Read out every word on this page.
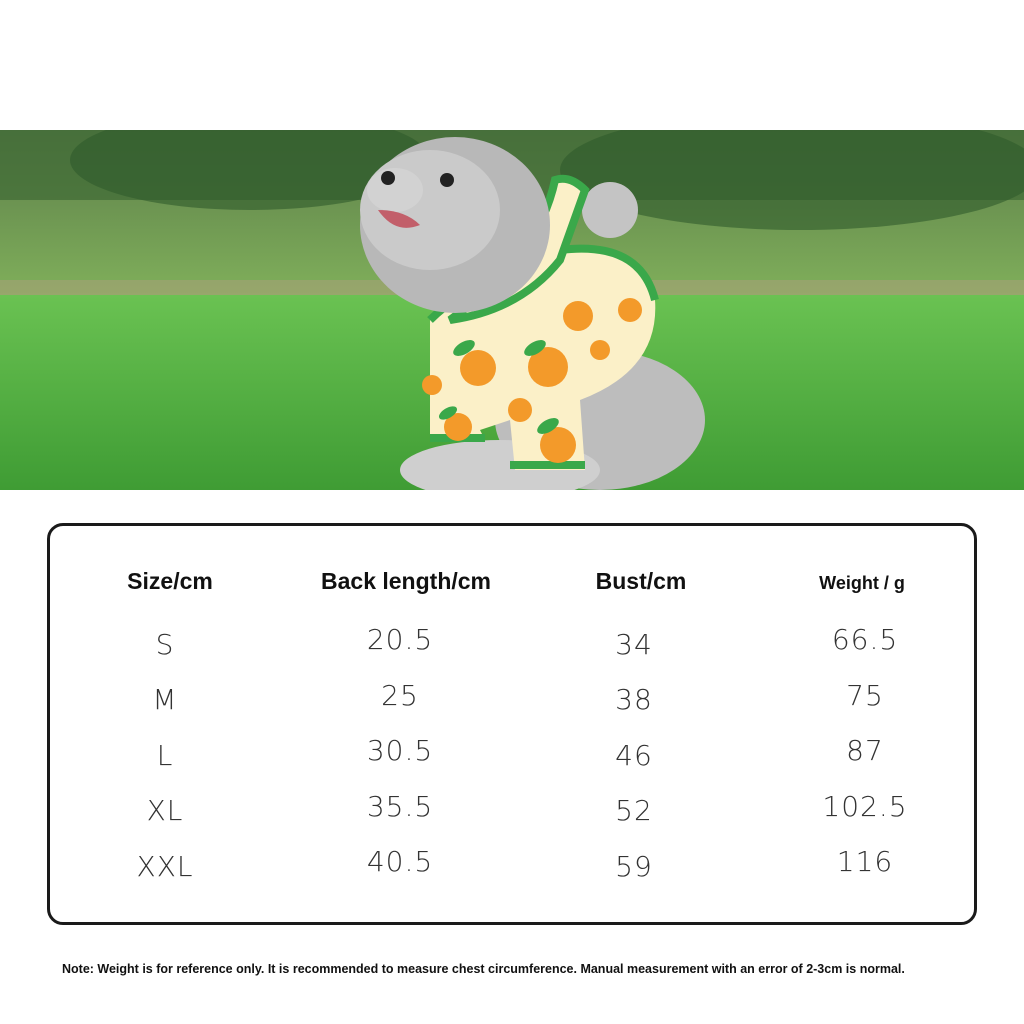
Size/cm	Back length/cm	Bust/cm	Weight / g
S	20.5	34	66.5
M	25	38	75
L	30.5	46	87
XL	35.5	52	102.5
XXL	40.5	59	116
Note: Weight is for reference only. It is recommended to measure chest circumference. Manual measurement with an error of 2-3cm is normal.
